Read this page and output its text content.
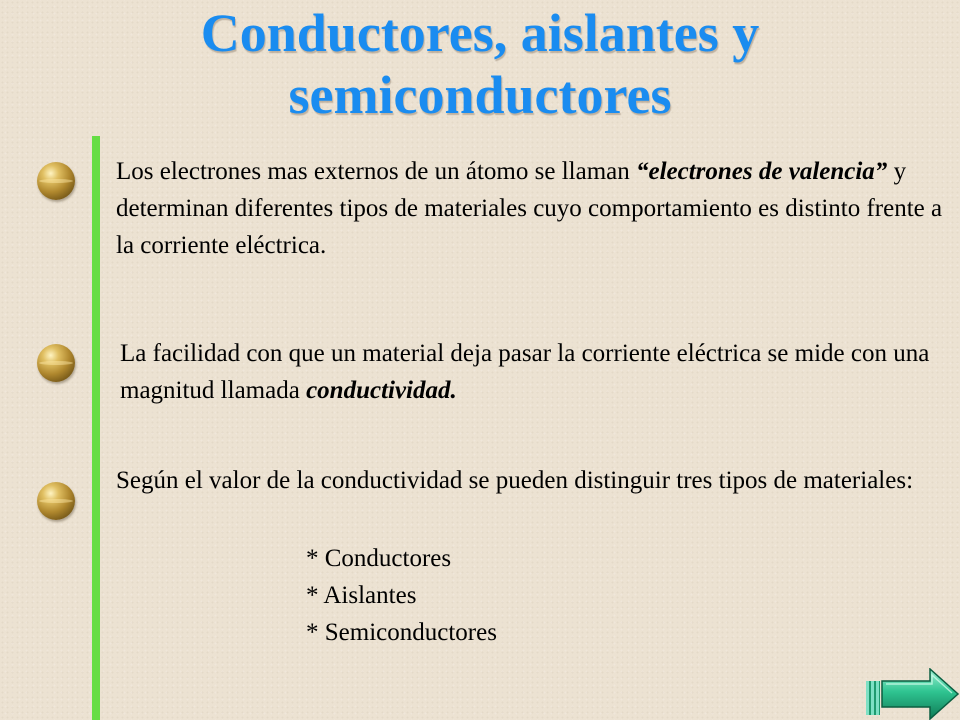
Conductores, aislantes y
semiconductores

Los electrones mas externos de un átomo se llaman “electrones de valencia” y determinan diferentes tipos de materiales cuyo comportamiento es distinto frente a la corriente eléctrica.

La facilidad con que un material deja pasar la corriente eléctrica se mide con una magnitud llamada conductividad.

Según el valor de la conductividad se pueden distinguir tres tipos de materiales:

* Conductores
* Aislantes
* Semiconductores
